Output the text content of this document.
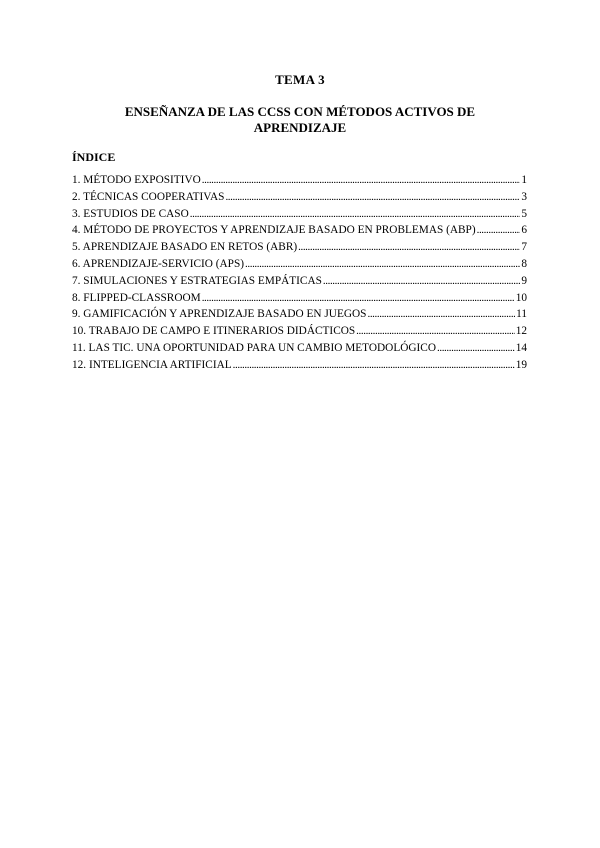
TEMA 3
ENSEÑANZA DE LAS CCSS CON MÉTODOS ACTIVOS DE APRENDIZAJE
ÍNDICE
1. MÉTODO EXPOSITIVO .....	1
2. TÉCNICAS COOPERATIVAS .....	3
3. ESTUDIOS DE CASO .....	5
4. MÉTODO DE PROYECTOS Y APRENDIZAJE BASADO EN PROBLEMAS (ABP) .....	6
5. APRENDIZAJE BASADO EN RETOS (ABR) .....	7
6. APRENDIZAJE-SERVICIO (APS) .....	8
7. SIMULACIONES Y ESTRATEGIAS EMPÁTICAS .....	9
8. FLIPPED-CLASSROOM .....	10
9. GAMIFICACIÓN Y APRENDIZAJE BASADO EN JUEGOS .....	11
10. TRABAJO DE CAMPO E ITINERARIOS DIDÁCTICOS .....	12
11. LAS TIC. UNA OPORTUNIDAD PARA UN CAMBIO METODOLÓGICO .....	14
12. INTELIGENCIA ARTIFICIAL .....	19
